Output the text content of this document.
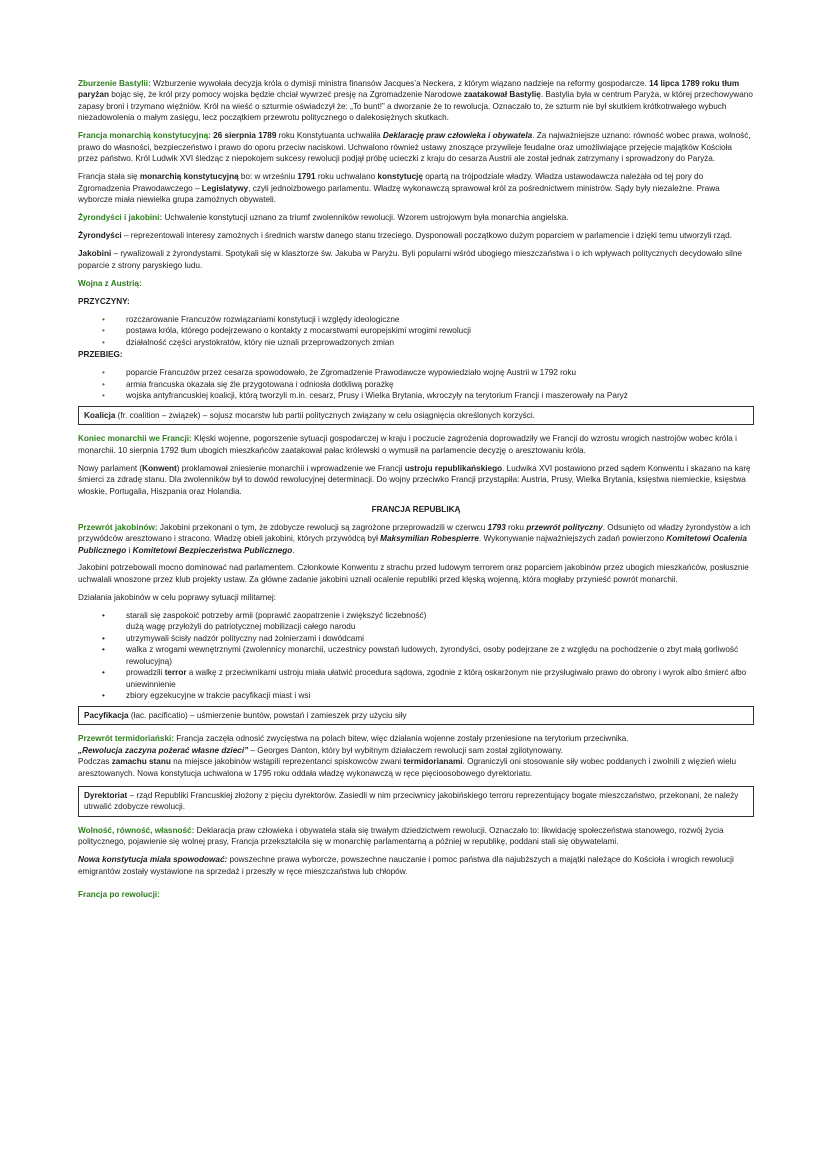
Zburzenie Bastylii: Wzburzenie wywołała decyzja króla o dymisji ministra finansów Jacques’a Neckera, z którym wiązano nadzieje na reformy gospodarcze. 14 lipca 1789 roku tłum paryżan bojąc się, że król przy pomocy wojska będzie chciał wywrzeć presję na Zgromadzenie Narodowe zaatakował Bastylię. Bastylia była w centrum Paryża, w której przechowywano zapasy broni i trzymano więźniów. Król na wieść o szturmie oświadczył że: „To bunt!” a dworzanie że to rewolucja. Oznaczało to, że szturm nie był skutkiem krótkotrwałego wybuch niezadowolenia o małym zasięgu, lecz początkiem przewrotu politycznego o dalekosiężnych skutkach.

Francja monarchią konstytucyjną: 26 sierpnia 1789 roku Konstytuanta uchwaliła Deklarację praw człowieka i obywatela. Za najważniejsze uznano: równość wobec prawa, wolność, prawo do własności, bezpieczeństwo i prawo do oporu przeciw naciskowi. Uchwalono również ustawy znoszące przywileje feudalne oraz umożliwiające przejęcie majątków Kościoła przez państwo. Król Ludwik XVI śledząc z niepokojem sukcesy rewolucji podjął próbę ucieczki z kraju do cesarza Austrii ale został jednak zatrzymany i sprowadzony do Paryża.

Francja stała się monarchią konstytucyjną bo: w wrześniu 1791 roku uchwalano konstytucję opartą na trójpodziale władzy. Władza ustawodawcza należała od tej pory do Zgromadzenia Prawodawczego – Legislatywy, czyli jednoizbowego parlamentu. Władzę wykonawczą sprawował król za pośrednictwem ministrów. Sądy były niezależne. Prawa wyborcze miała niewielka grupa zamożnych obywateli.

Żyrondyści i jakobini: Uchwalenie konstytucji uznano za triumf zwolenników rewolucji. Wzorem ustrojowym była monarchia angielska.

Żyrondyści – reprezentowali interesy zamożnych i średnich warstw danego stanu trzeciego. Dysponowali początkowo dużym poparciem w parlamencie i dzięki temu utworzyli rząd.

Jakobini – rywalizowali z żyrondystami. Spotykali się w klasztorze św. Jakuba w Paryżu. Byli popularni wśród ubogiego mieszczaństwa i o ich wpływach politycznych decydowało silne poparcie z strony paryskiego ludu.

Wojna z Austrią:

PRZYCZYNY:

•	rozczarowanie Francuzów rozwiązaniami konstytucji i względy ideologiczne
•	postawa króla, którego podejrzewano o kontakty z mocarstwami europejskimi wrogimi rewolucji
•	działalność części arystokratów, który nie uznali przeprowadzonych zmian

PRZEBIEG:

•	poparcie Francuzów przez cesarza spowodowało, że Zgromadzenie Prawodawcze wypowiedziało wojnę Austrii w 1792 roku
•	armia francuska okazała się źle przygotowana i odniosła dotkliwą porażkę
•	wojska antyfrancuskiej koalicji, którą tworzyli m.in. cesarz, Prusy i Wielka Brytania, wkroczyły na terytorium Francji i maszerowały na Paryż
Koalicja (fr. coalition – związek) – sojusz mocarstw lub partii politycznych związany w celu osiągnięcia określonych korzyści.

Koniec monarchii we Francji: Klęski wojenne, pogorszenie sytuacji gospodarczej w kraju i poczucie zagrożenia doprowadziły we Francji do wzrostu wrogich nastrojów wobec króla i monarchii. 10 sierpnia 1792 tłum ubogich mieszkańców zaatakował pałac królewski o wymusił na parlamencie decyzję o aresztowaniu króla.

Nowy parlament (Konwent) proklamował zniesienie monarchii i wprowadzenie we Francji ustroju republikańskiego. Ludwika XVI postawiono przed sądem Konwentu i skazano na karę śmierci za zdradę stanu. Dla zwolenników był to dowód rewolucyjnej determinacji. Do wojny przeciwko Francji przystąpiła: Austria, Prusy, Wielka Brytania, księstwa niemieckie, księstwa włoskie, Portugalia, Hiszpania oraz Holandia.

FRANCJA REPUBLIKĄ

Przewrót jakobinów: Jakobini przekonani o tym, że zdobycze rewolucji są zagrożone przeprowadzili w czerwcu 1793 roku przewrót polityczny. Odsunięto od władzy żyrondystów a ich przywódców aresztowano i stracono. Władzę obieli jakobini, których przywódcą był Maksymilian Robespierre. Wykonywanie najważniejszych zadań powierzono Komitetowi Ocalenia Publicznego i Komitetowi Bezpieczeństwa Publicznego.

Jakobini potrzebowali mocno dominować nad parlamentem. Członkowie Konwentu z strachu przed ludowym terrorem oraz poparciem jakobinów przez ubogich mieszkańców, posłusznie uchwalali wnoszone przez klub projekty ustaw. Za główne zadanie jakobini uznali ocalenie republiki przed klęską wojenną, która mogłaby przynieść powrót monarchii.

Działania jakobinów w celu poprawy sytuacji militarnej:

•	starali się zaspokoić potrzeby armii (poprawić zaopatrzenie i zwiększyć liczebność)
dużą wagę przyłożyli do patriotycznej mobilizacji całego narodu
•	utrzymywali ścisły nadzór polityczny nad żołnierzami i dowódcami
•	walka z wrogami wewnętrznymi (zwolennicy monarchii, uczestnicy powstań ludowych, żyrondyści, osoby podejrzane ze z względu na pochodzenie o zbyt małą gorliwość rewolucyjną)
•	prowadzili terror a walkę z przeciwnikami ustroju miała ułatwić procedura sądowa, zgodnie z którą oskarżonym nie przysługiwało prawo do obrony i wyrok albo śmierć albo uniewinnienie
•	zbiory egzekucyjne w trakcie pacyfikacji miast i wsi
Pacyfikacja (łac. pacificatio) – uśmierzenie buntów, powstań i zamieszek przy użyciu siły

Przewrót termidoriański: Francja zaczęła odnosić zwycięstwa na polach bitew, więc działania wojenne zostały przeniesione na terytorium przeciwnika.
„Rewolucja zaczyna pożerać własne dzieci” – Georges Danton, który był wybitnym działaczem rewolucji sam został zgilotynowany.
Podczas zamachu stanu na miejsce jakobinów wstąpili reprezentanci spiskowców zwani termidorianami. Ograniczyli oni stosowanie siły wobec poddanych i zwolnili z więzień wielu aresztowanych. Nowa konstytucja uchwalona w 1795 roku oddała władzę wykonawczą w ręce pięcioosobowego dyrektoriatu.

Dyrektoriat – rząd Republiki Francuskiej złożony z pięciu dyrektorów. Zasiedli w nim przeciwnicy jakobińskiego terroru reprezentujący bogate mieszczaństwo, przekonani, że należy utrwalić zdobycze rewolucji.

Wolność, równość, własność: Deklaracja praw człowieka i obywatela stała się trwałym dziedzictwem rewolucji. Oznaczało to: likwidację społeczeństwa stanowego, rozwój życia politycznego, pojawienie się wolnej prasy, Francja przekształciła się w monarchię parlamentarną a później w republikę, poddani stali się obywatelami.

Nowa konstytucja miała spowodować: powszechne prawa wyborcze, powszechne nauczanie i pomoc państwa dla najubższych a majątki należące do Kościoła i wrogich rewolucji emigrantów zostały wystawione na sprzedaż i przeszły w ręce mieszczaństwa lub chłopów.

Francja po rewolucji:
